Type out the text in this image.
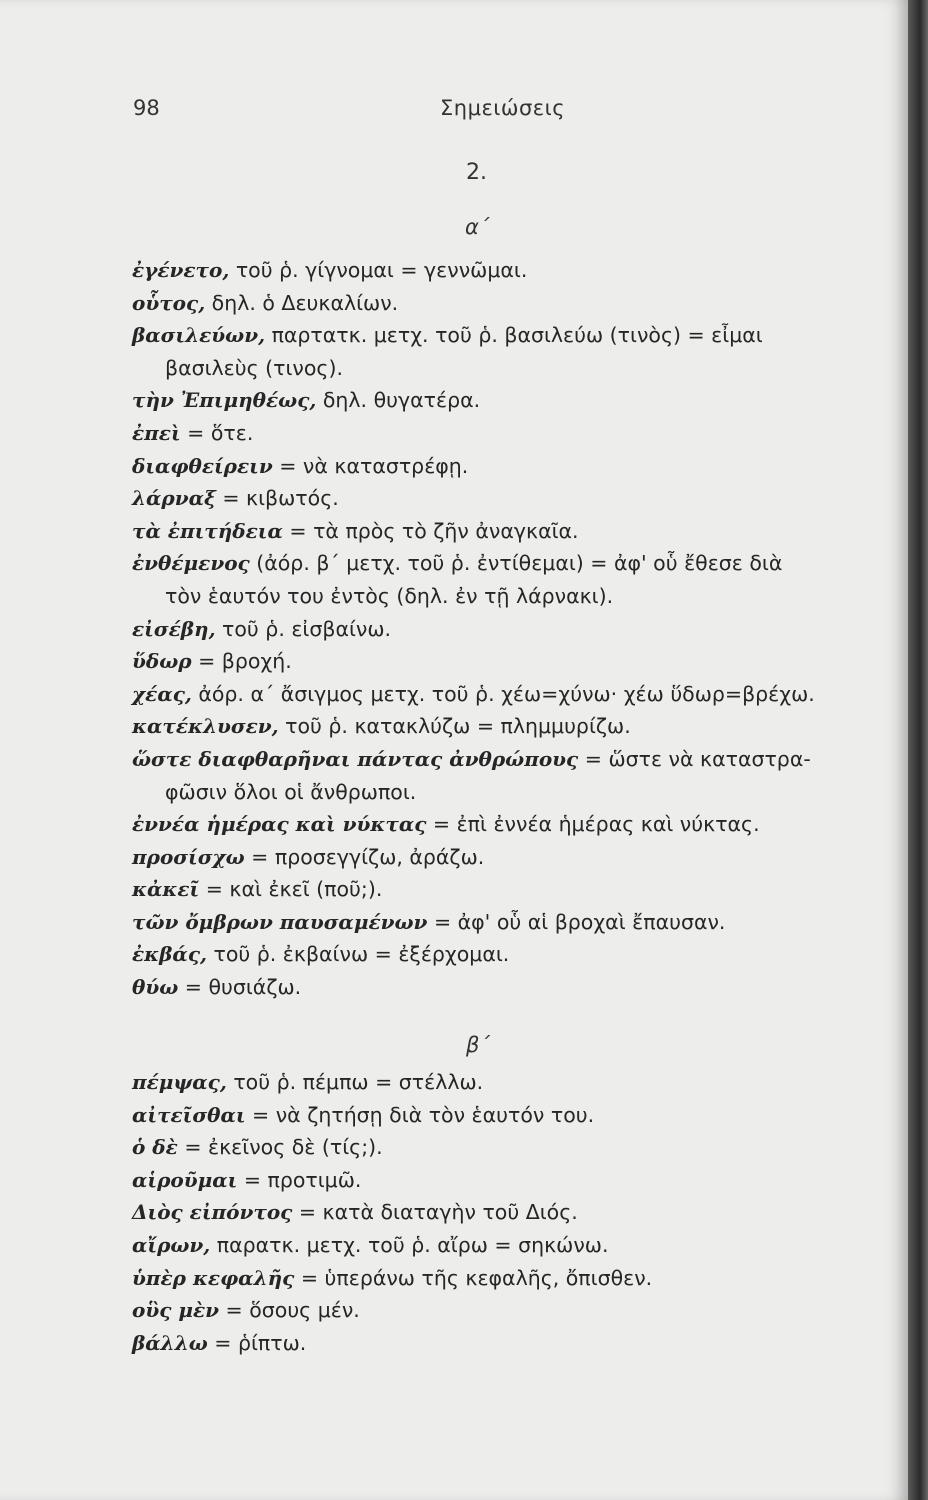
98	Σημειώσεις
2.
α΄
ἐγένετο, τοῦ ῥ. γίγνομαι = γεννῶμαι.
οὗτος, δηλ. ὁ Δευκαλίων.
βασιλεύων, παρτατκ. μετχ. τοῦ ῥ. βασιλεύω (τινὸς) = εἶμαι
βασιλεὺς (τινος).
τὴν Ἐπιμηθέως, δηλ. θυγατέρα.
ἐπεὶ = ὅτε.
διαφθείρειν = νὰ καταστρέφῃ.
λάρναξ = κιβωτός.
τὰ ἐπιτήδεια = τὰ πρὸς τὸ ζῆν ἀναγκαῖα.
ἐνθέμενος (ἀόρ. β΄ μετχ. τοῦ ῥ. ἐντίθεμαι) = ἀφ' οὗ ἔθεσε διὰ
τὸν ἑαυτόν του ἐντὸς (δηλ. ἐν τῇ λάρνακι).
εἰσέβη, τοῦ ῥ. εἰσβαίνω.
ὕδωρ = βροχή.
χέας, ἀόρ. α΄ ἄσιγμος μετχ. τοῦ ῥ. χέω=χύνω· χέω ὕδωρ=βρέχω.
κατέκλυσεν, τοῦ ῥ. κατακλύζω = πλημμυρίζω.
ὥστε διαφθαρῆναι πάντας ἀνθρώπους = ὥστε νὰ καταστρα-
φῶσιν ὅλοι οἱ ἄνθρωποι.
ἐννέα ἡμέρας καὶ νύκτας = ἐπὶ ἐννέα ἡμέρας καὶ νύκτας.
προσίσχω = προσεγγίζω, ἀράζω.
κἀκεῖ = καὶ ἐκεῖ (ποῦ;).
τῶν ὄμβρων παυσαμένων = ἀφ' οὗ αἱ βροχαὶ ἔπαυσαν.
ἐκβάς, τοῦ ῥ. ἐκβαίνω = ἐξέρχομαι.
θύω = θυσιάζω.
β΄
πέμψας, τοῦ ῥ. πέμπω = στέλλω.
αἰτεῖσθαι = νὰ ζητήσῃ διὰ τὸν ἑαυτόν του.
ὁ δὲ = ἐκεῖνος δὲ (τίς;).
αἱροῦμαι = προτιμῶ.
Διὸς εἰπόντος = κατὰ διαταγὴν τοῦ Διός.
αἴρων, παρατκ. μετχ. τοῦ ῥ. αἴρω = σηκώνω.
ὑπὲρ κεφαλῆς = ὑπεράνω τῆς κεφαλῆς, ὄπισθεν.
οὓς μὲν = ὅσους μέν.
βάλλω = ῥίπτω.
